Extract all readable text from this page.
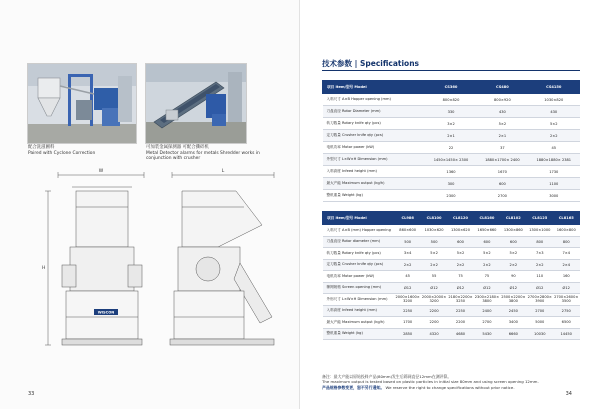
配合洗滋圃料
Paired with Cyclone Correction
可加装金属探测器 可配合撕碎机
Metal Detector alarms for metals Shredder works in conjunction with crusher
W
H
WISCON
L
33
技术参数 | Specifications
项目 Item/型号 Model	CS360	CS480	CS4150
入料尺寸 A×B Hopper opening (mm)	800×820	800×920	1030×820
刀盘直径 Rotor Diameter (mm)	330	430	430
转刀数量 Rotary knife qty (pcs)	3×2	5×2	5×2
定刀数量 Crusher knife qty (pcs)	2×1	2×1	2×2
电机功率 Motor power (kW)	22	37	45
外型尺寸 L×W×H Dimension (mm)	1450×1450× 2300	1880×1700× 2400	1880×1880× 2381
入料高度 Infeed height (mm)	1360	1670	1730
最大产能 Maximum output (kg/h)	300	600	1100
整机重量 Weight (kg)	2300	2700	3000
项目 Item/型号 Model	CL986	CL8100	CL8120	CL8160	CL8102	CL8125	CL8165
入料尺寸 A×B (mm) Hopper opening	860×600	1030×620	1300×620	1650×660	1300×860	1300×1000	1600×800
刀盘直径 Rotor diameter (mm)	500	500	600	600	600	800	800
转刀数量 Rotary knife qty (pcs)	3×4	5×2	5×2	5×2	5×2	7×3	7×4
定刀数量 Crusher knife qty (pcs)	2×2	2×2	2×2	2×2	2×2	2×2	2×4
电机功率 Motor power (kW)	45	55	75	75	90	110	160
筛网规格 Screen opening (mm)	Ø12	Ø12	Ø12	Ø12	Ø12	Ø12	Ø12
外形尺寸 L×W×H Dimension (mm)	2000×1600× 3200	2000×2000× 3200	2180×2200× 3250	2300×2180× 3800	2500×2200× 3800	2700×2800× 3900	2700×2600× 3500
入料高度 Infeed height (mm)	2250	2200	2250	2400	2450	2700	2750
最大产能 Maximum output (kg/h)	1700	2200	2200	2700	3400	5000	6500
整机重量 Weight (kg)	2850	4320	4680	5430	6660	10030	14450
备注：最大产能以原始投料产品(80mm)发生后筛网直径12mm在测评算。
The maximum output is tested based on plastic particles in initial size 80mm and using screen opening 12mm.
产品规格参数变更，恕不另行通知。 We reserve the right to change specifications without prior notice.
34
